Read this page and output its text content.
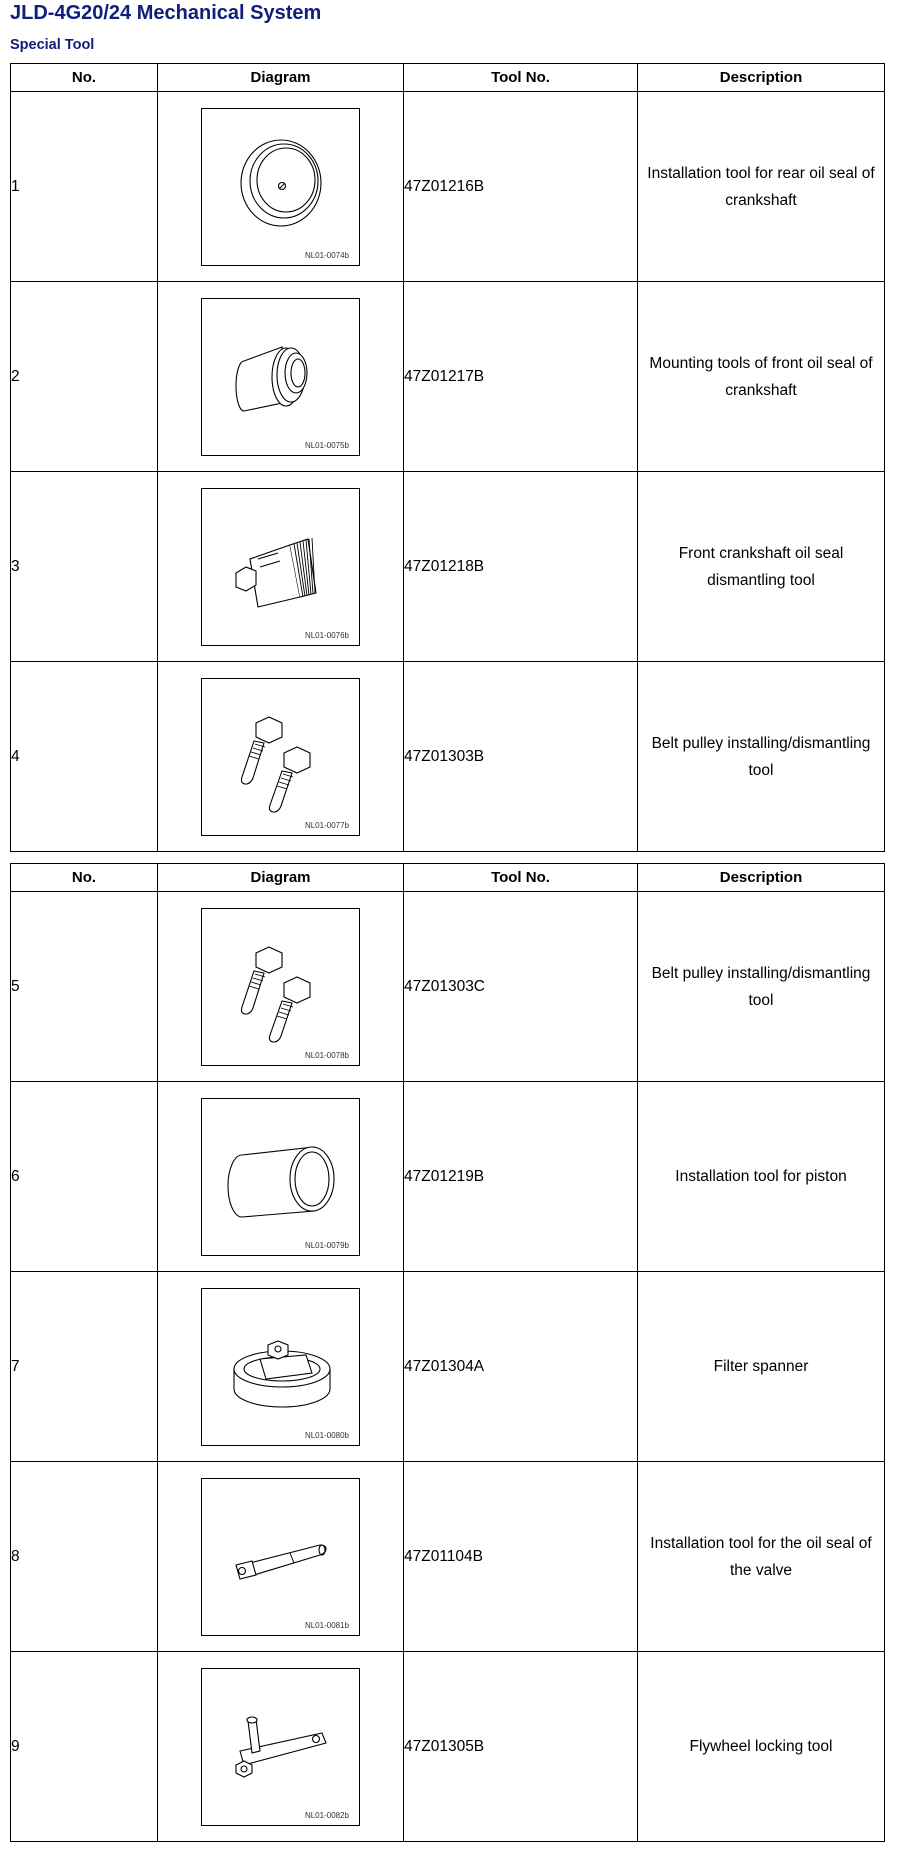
JLD-4G20/24 Mechanical System
Special Tool
No.	Diagram	Tool No.	Description
1	NL01-0074b	47Z01216B	Installation tool for rear oil seal of crankshaft
2	NL01-0075b	47Z01217B	Mounting tools of front oil seal of crankshaft
3	NL01-0076b	47Z01218B	Front crankshaft oil seal dismantling tool
4	NL01-0077b	47Z01303B	Belt pulley installing/dismantling tool
No.	Diagram	Tool No.	Description
5	NL01-0078b	47Z01303C	Belt pulley installing/dismantling tool
6	NL01-0079b	47Z01219B	Installation tool for piston
7	NL01-0080b	47Z01304A	Filter spanner
8	NL01-0081b	47Z01104B	Installation tool for the oil seal of the valve
9	NL01-0082b	47Z01305B	Flywheel locking tool
